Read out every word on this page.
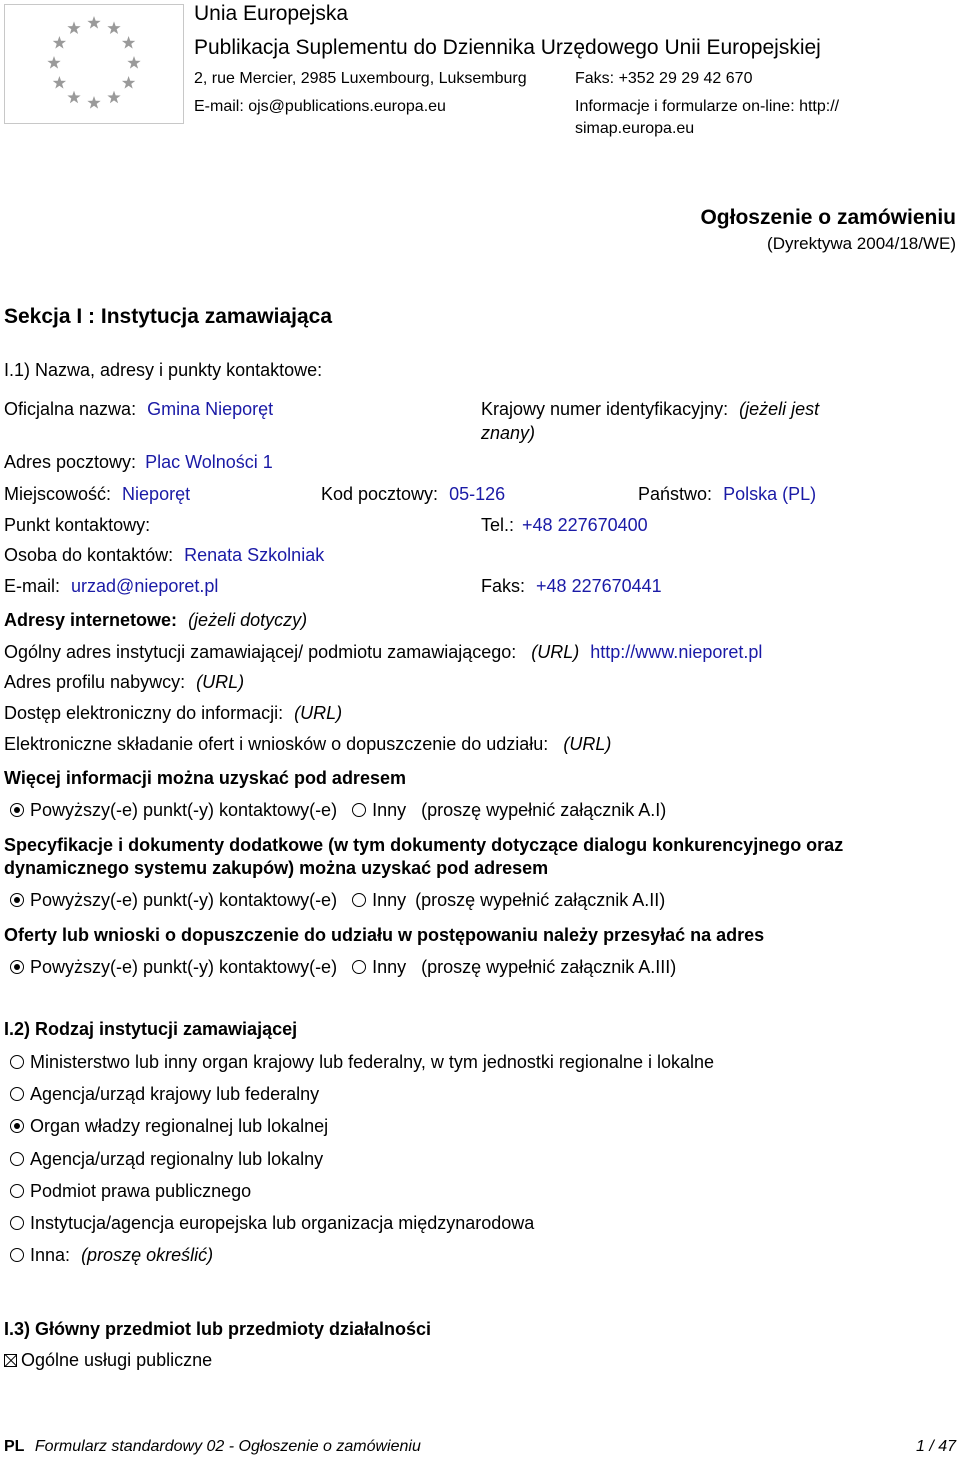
Unia Europejska
Publikacja Suplementu do Dziennika Urzędowego Unii Europejskiej
2, rue Mercier, 2985 Luxembourg, Luksemburg	Faks: +352 29 29 42 670
E-mail: ojs@publications.europa.eu	Informacje i formularze on-line: http://
simap.europa.eu
Ogłoszenie o zamówieniu
(Dyrektywa 2004/18/WE)
Sekcja I : Instytucja zamawiająca
I.1) Nazwa, adresy i punkty kontaktowe:
Oficjalna nazwa: Gmina Nieporęt	Krajowy numer identyfikacyjny: (jeżeli jest
znany)
Adres pocztowy: Plac Wolności 1
Miejscowość: Nieporęt	Kod pocztowy: 05-126	Państwo: Polska (PL)
Punkt kontaktowy:	Tel.: +48 227670400
Osoba do kontaktów: Renata Szkolniak
E-mail: urzad@nieporet.pl	Faks: +48 227670441
Adresy internetowe: (jeżeli dotyczy)
Ogólny adres instytucji zamawiającej/ podmiotu zamawiającego: (URL) http://www.nieporet.pl
Adres profilu nabywcy: (URL)
Dostęp elektroniczny do informacji: (URL)
Elektroniczne składanie ofert i wniosków o dopuszczenie do udziału: (URL)
Więcej informacji można uzyskać pod adresem
Powyższy(-e) punkt(-y) kontaktowy(-e) Inny (proszę wypełnić załącznik A.I)
Specyfikacje i dokumenty dodatkowe (w tym dokumenty dotyczące dialogu konkurencyjnego oraz
dynamicznego systemu zakupów) można uzyskać pod adresem
Powyższy(-e) punkt(-y) kontaktowy(-e) Inny (proszę wypełnić załącznik A.II)
Oferty lub wnioski o dopuszczenie do udziału w postępowaniu należy przesyłać na adres
Powyższy(-e) punkt(-y) kontaktowy(-e) Inny (proszę wypełnić załącznik A.III)
I.2) Rodzaj instytucji zamawiającej
Ministerstwo lub inny organ krajowy lub federalny, w tym jednostki regionalne i lokalne
Agencja/urząd krajowy lub federalny
Organ władzy regionalnej lub lokalnej
Agencja/urząd regionalny lub lokalny
Podmiot prawa publicznego
Instytucja/agencja europejska lub organizacja międzynarodowa
Inna: (proszę określić)
I.3) Główny przedmiot lub przedmioty działalności
Ogólne usługi publiczne
PL Formularz standardowy 02 - Ogłoszenie o zamówieniu	1 / 47
